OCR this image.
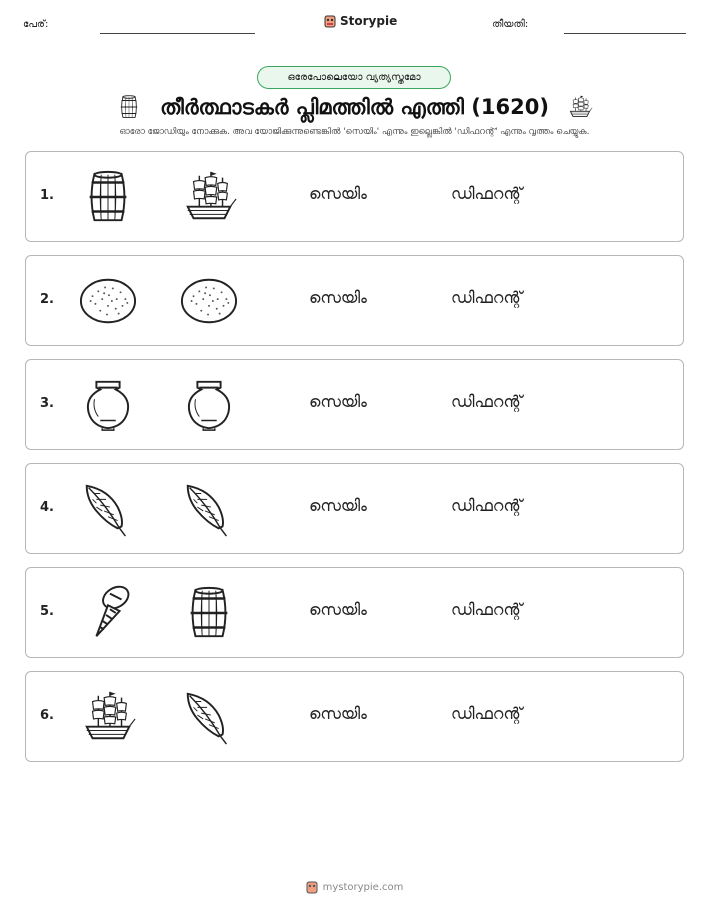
പേര്:	Storypie	തീയതി:
ഒരേപോലെയോ വ്യത്യസ്തമോ
തീർത്ഥാടകർ പ്ലിമത്തിൽ എത്തി (1620)
ഓരോ ജോഡിയും നോക്കുക. അവ യോജിക്കുന്നുണ്ടെങ്കിൽ 'സെയിം' എന്നും ഇല്ലെങ്കിൽ 'ഡിഫറന്റ്' എന്നും വൃത്തം ചെയ്യുക.
1.	സെയിം	ഡിഫറന്റ്
2.	സെയിം	ഡിഫറന്റ്
3.	സെയിം	ഡിഫറന്റ്
4.	സെയിം	ഡിഫറന്റ്
5.	സെയിം	ഡിഫറന്റ്
6.	സെയിം	ഡിഫറന്റ്
mystorypie.com
